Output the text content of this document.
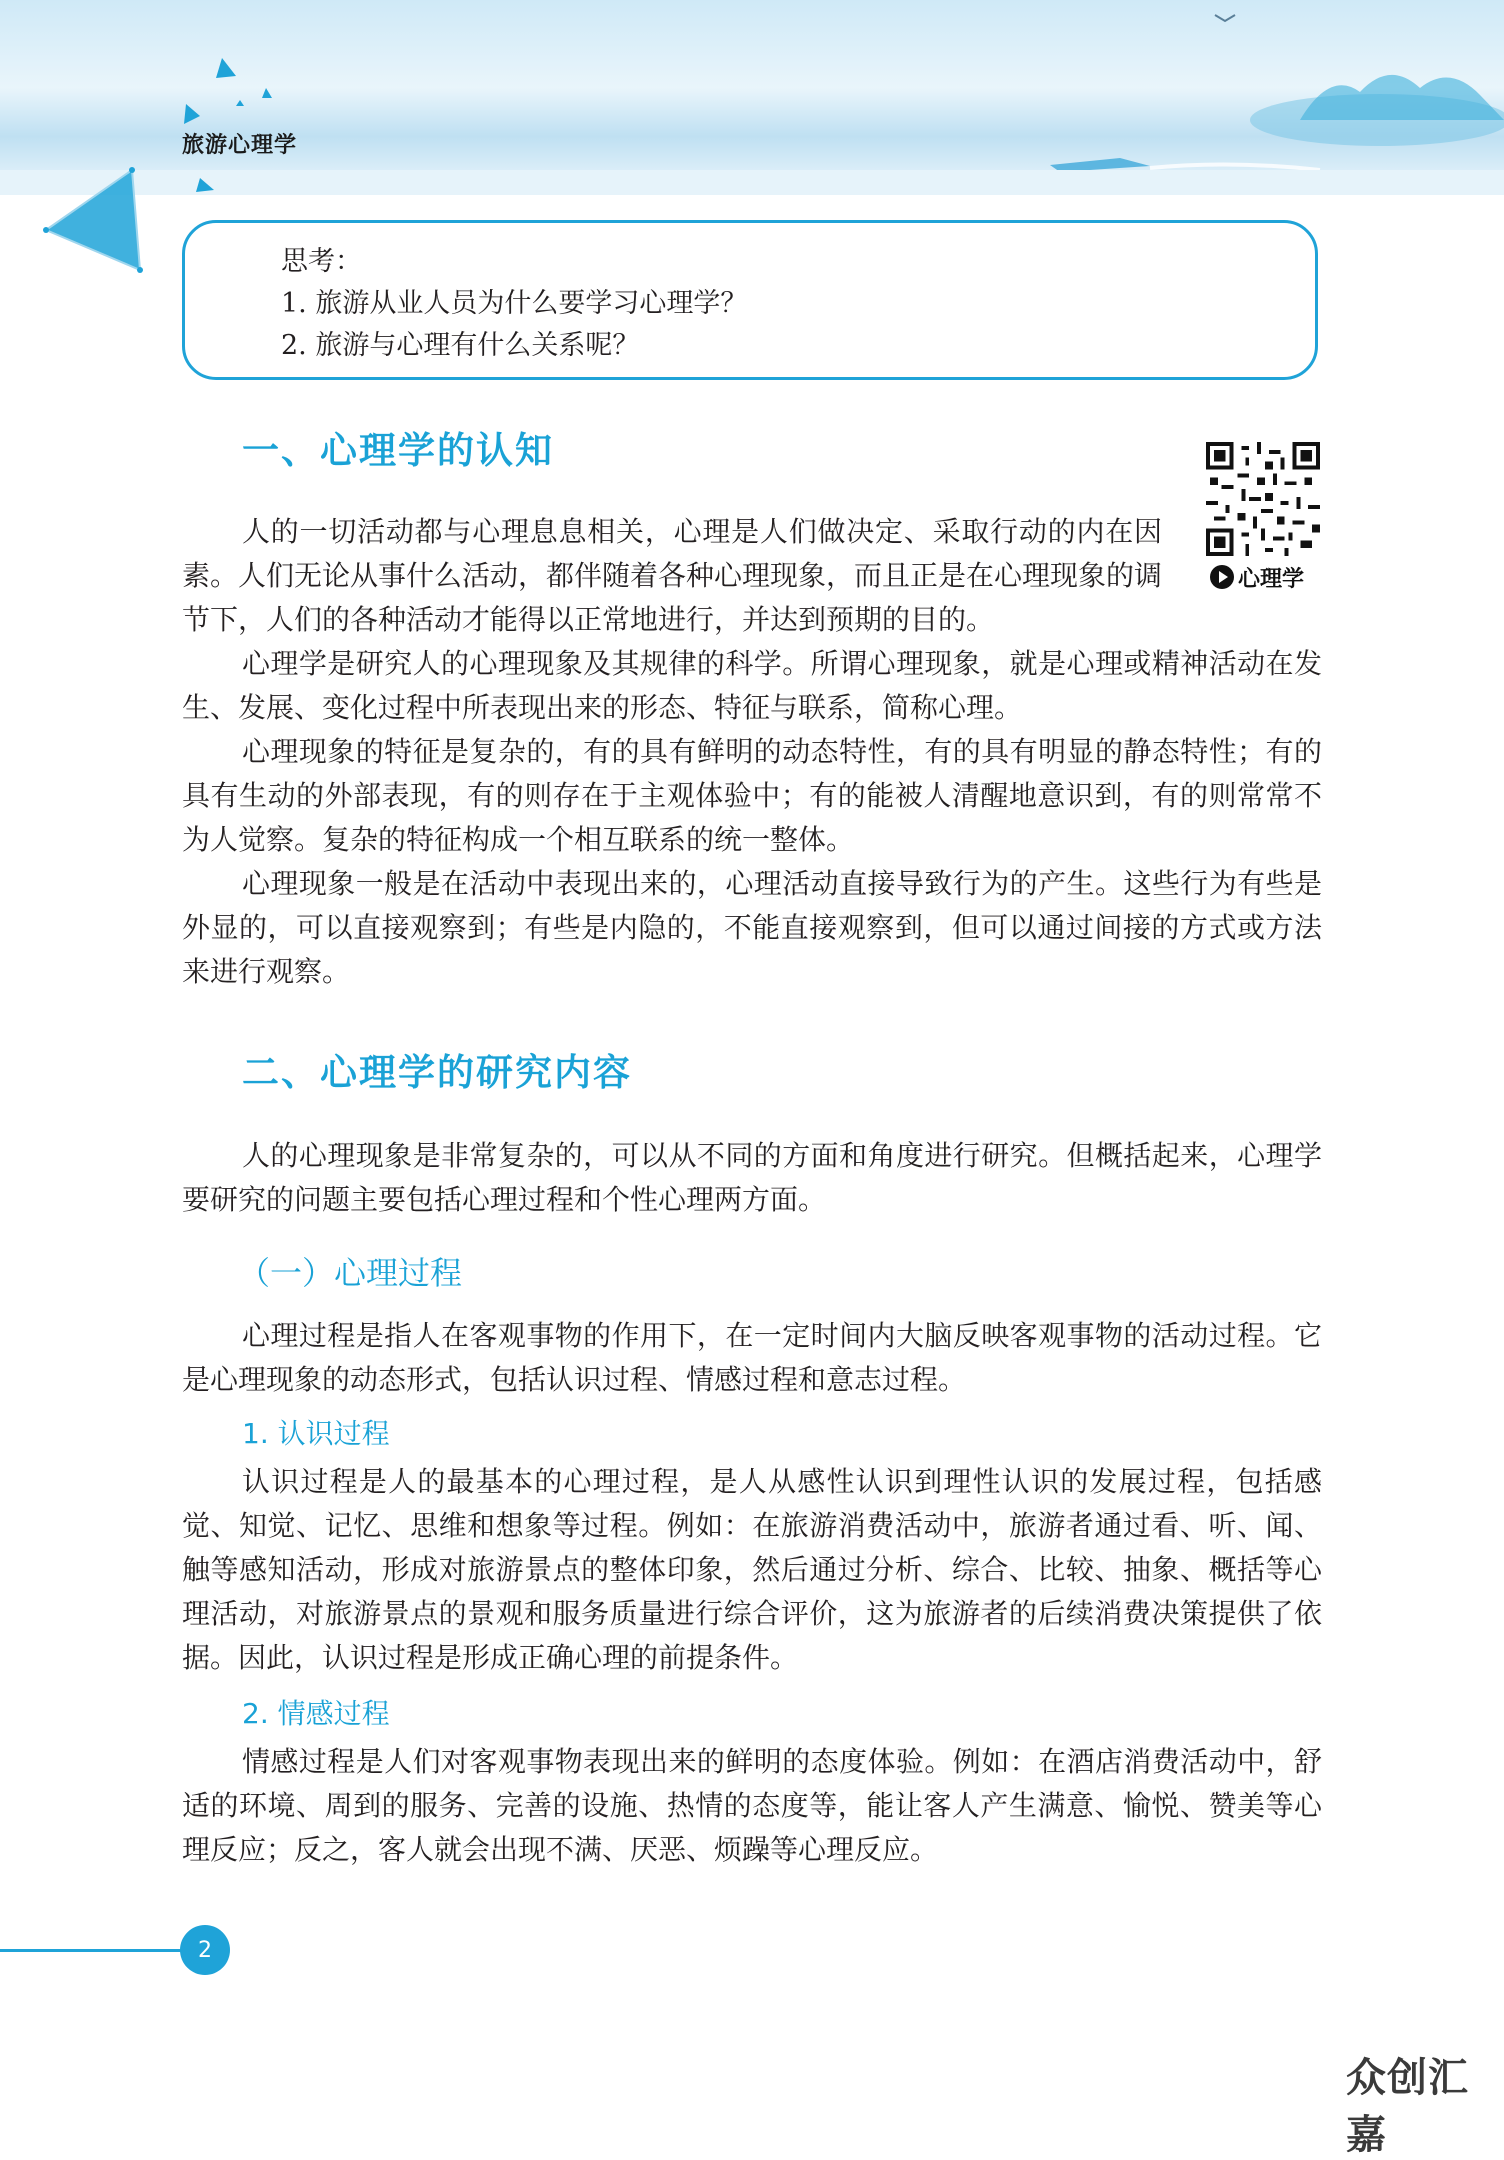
旅游心理学

思考：

1. 旅游从业人员为什么要学习心理学？

2. 旅游与心理有什么关系呢？

一、心理学的认知
心理学

人的一切活动都与心理息息相关，心理是人们做决定、采取行动的内在因素。人们无论从事什么活动，都伴随着各种心理现象，而且正是在心理现象的调节下，人们的各种活动才能得以正常地进行，并达到预期的目的。

心理学是研究人的心理现象及其规律的科学。所谓心理现象，就是心理或精神活动在发生、发展、变化过程中所表现出来的形态、特征与联系，简称心理。

心理现象的特征是复杂的，有的具有鲜明的动态特性，有的具有明显的静态特性；有的具有生动的外部表现，有的则存在于主观体验中；有的能被人清醒地意识到，有的则常常不为人觉察。复杂的特征构成一个相互联系的统一整体。

心理现象一般是在活动中表现出来的，心理活动直接导致行为的产生。这些行为有些是外显的，可以直接观察到；有些是内隐的，不能直接观察到，但可以通过间接的方式或方法来进行观察。

二、心理学的研究内容

人的心理现象是非常复杂的，可以从不同的方面和角度进行研究。但概括起来，心理学要研究的问题主要包括心理过程和个性心理两方面。

（一）心理过程

心理过程是指人在客观事物的作用下，在一定时间内大脑反映客观事物的活动过程。它是心理现象的动态形式，包括认识过程、情感过程和意志过程。

1. 认识过程

认识过程是人的最基本的心理过程，是人从感性认识到理性认识的发展过程，包括感觉、知觉、记忆、思维和想象等过程。例如：在旅游消费活动中，旅游者通过看、听、闻、触等感知活动，形成对旅游景点的整体印象，然后通过分析、综合、比较、抽象、概括等心理活动，对旅游景点的景观和服务质量进行综合评价，这为旅游者的后续消费决策提供了依据。因此，认识过程是形成正确心理的前提条件。

2. 情感过程

情感过程是人们对客观事物表现出来的鲜明的态度体验。例如：在酒店消费活动中，舒适的环境、周到的服务、完善的设施、热情的态度等，能让客人产生满意、愉悦、赞美等心理反应；反之，客人就会出现不满、厌恶、烦躁等心理反应。

2
众创汇嘉
